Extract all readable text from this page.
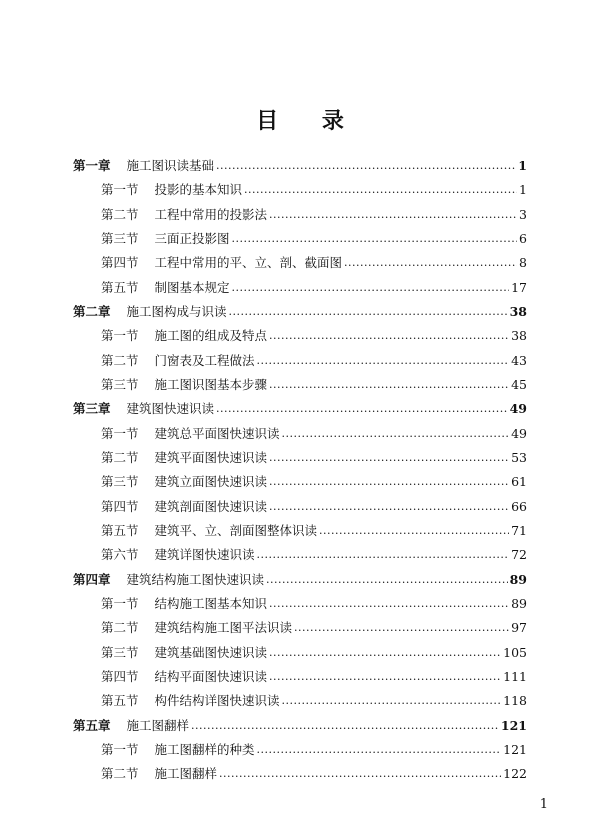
目 录
第一章 施工图识读基础 .....	1
第一节 投影的基本知识 .....	1
第二节 工程中常用的投影法 .....	3
第三节 三面正投影图 .....	6
第四节 工程中常用的平、立、剖、截面图 .....	8
第五节 制图基本规定 .....	17
第二章 施工图构成与识读 .....	38
第一节 施工图的组成及特点 .....	38
第二节 门窗表及工程做法 .....	43
第三节 施工图识图基本步骤 .....	45
第三章 建筑图快速识读 .....	49
第一节 建筑总平面图快速识读 .....	49
第二节 建筑平面图快速识读 .....	53
第三节 建筑立面图快速识读 .....	61
第四节 建筑剖面图快速识读 .....	66
第五节 建筑平、立、剖面图整体识读 .....	71
第六节 建筑详图快速识读 .....	72
第四章 建筑结构施工图快速识读 .....	89
第一节 结构施工图基本知识 .....	89
第二节 建筑结构施工图平法识读 .....	97
第三节 建筑基础图快速识读 .....	105
第四节 结构平面图快速识读 .....	111
第五节 构件结构详图快速识读 .....	118
第五章 施工图翻样 .....	121
第一节 施工图翻样的种类 .....	121
第二节 施工图翻样 .....	122
1
